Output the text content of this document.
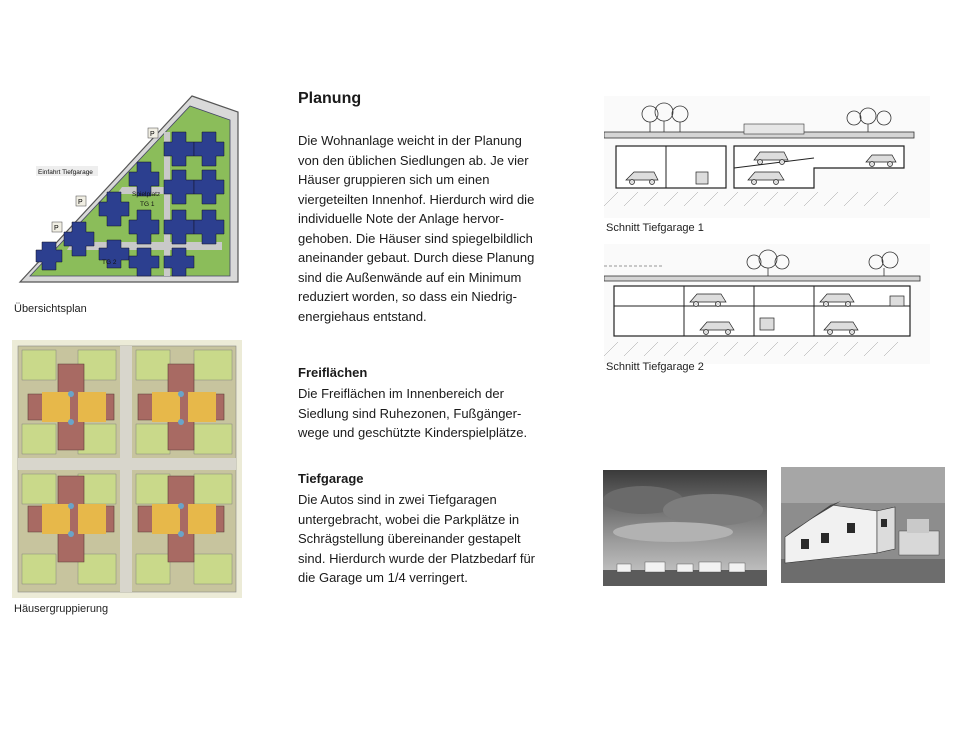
P
P
P
Einfahrt Tiefgarage
Spielplatz
TG 1
TG 2
Übersichtsplan
Häusergruppierung
Planung

Die Wohnanlage weicht in der Planung

von den üblichen Siedlungen ab. Je vier

Häuser gruppieren sich um einen

viergeteilten Innenhof. Hierdurch wird die

individuelle Note der Anlage hervor-

gehoben. Die Häuser sind spiegelbildlich

aneinander gebaut. Durch diese Planung

sind die Außenwände auf ein Minimum

reduziert worden, so dass ein Niedrig-

energiehaus entstand.

Freiflächen

Die Freiflächen im Innenbereich der

Siedlung sind Ruhezonen, Fußgänger-

wege und geschützte Kinderspielplätze.

Tiefgarage

Die Autos sind in zwei Tiefgaragen

untergebracht, wobei die Parkplätze in

Schrägstellung übereinander gestapelt

sind. Hierdurch wurde der Platzbedarf für

die Garage um 1/4 verringert.

Schnitt Tiefgarage 1
Schnitt Tiefgarage 2
